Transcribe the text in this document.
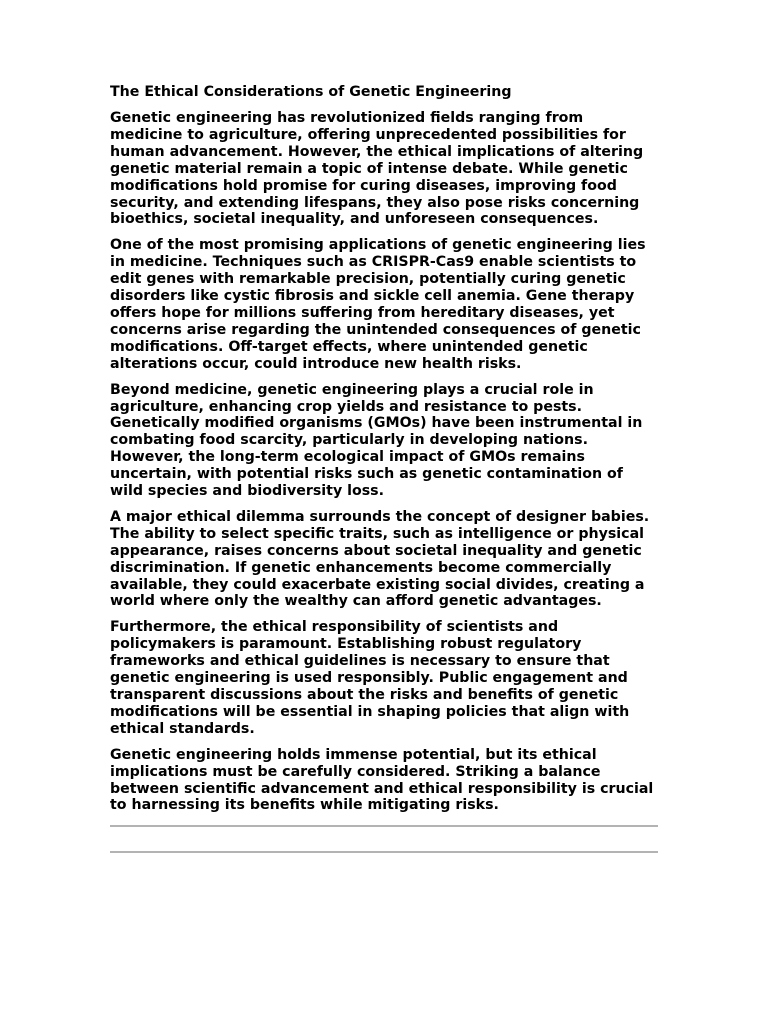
The Ethical Considerations of Genetic Engineering
Genetic engineering has revolutionized fields ranging from
medicine to agriculture, offering unprecedented possibilities for
human advancement. However, the ethical implications of altering
genetic material remain a topic of intense debate. While genetic
modifications hold promise for curing diseases, improving food
security, and extending lifespans, they also pose risks concerning
bioethics, societal inequality, and unforeseen consequences.
One of the most promising applications of genetic engineering lies
in medicine. Techniques such as CRISPR-Cas9 enable scientists to
edit genes with remarkable precision, potentially curing genetic
disorders like cystic fibrosis and sickle cell anemia. Gene therapy
offers hope for millions suffering from hereditary diseases, yet
concerns arise regarding the unintended consequences of genetic
modifications. Off-target effects, where unintended genetic
alterations occur, could introduce new health risks.
Beyond medicine, genetic engineering plays a crucial role in
agriculture, enhancing crop yields and resistance to pests.
Genetically modified organisms (GMOs) have been instrumental in
combating food scarcity, particularly in developing nations.
However, the long-term ecological impact of GMOs remains
uncertain, with potential risks such as genetic contamination of
wild species and biodiversity loss.
A major ethical dilemma surrounds the concept of designer babies.
The ability to select specific traits, such as intelligence or physical
appearance, raises concerns about societal inequality and genetic
discrimination. If genetic enhancements become commercially
available, they could exacerbate existing social divides, creating a
world where only the wealthy can afford genetic advantages.
Furthermore, the ethical responsibility of scientists and
policymakers is paramount. Establishing robust regulatory
frameworks and ethical guidelines is necessary to ensure that
genetic engineering is used responsibly. Public engagement and
transparent discussions about the risks and benefits of genetic
modifications will be essential in shaping policies that align with
ethical standards.
Genetic engineering holds immense potential, but its ethical
implications must be carefully considered. Striking a balance
between scientific advancement and ethical responsibility is crucial
to harnessing its benefits while mitigating risks.
